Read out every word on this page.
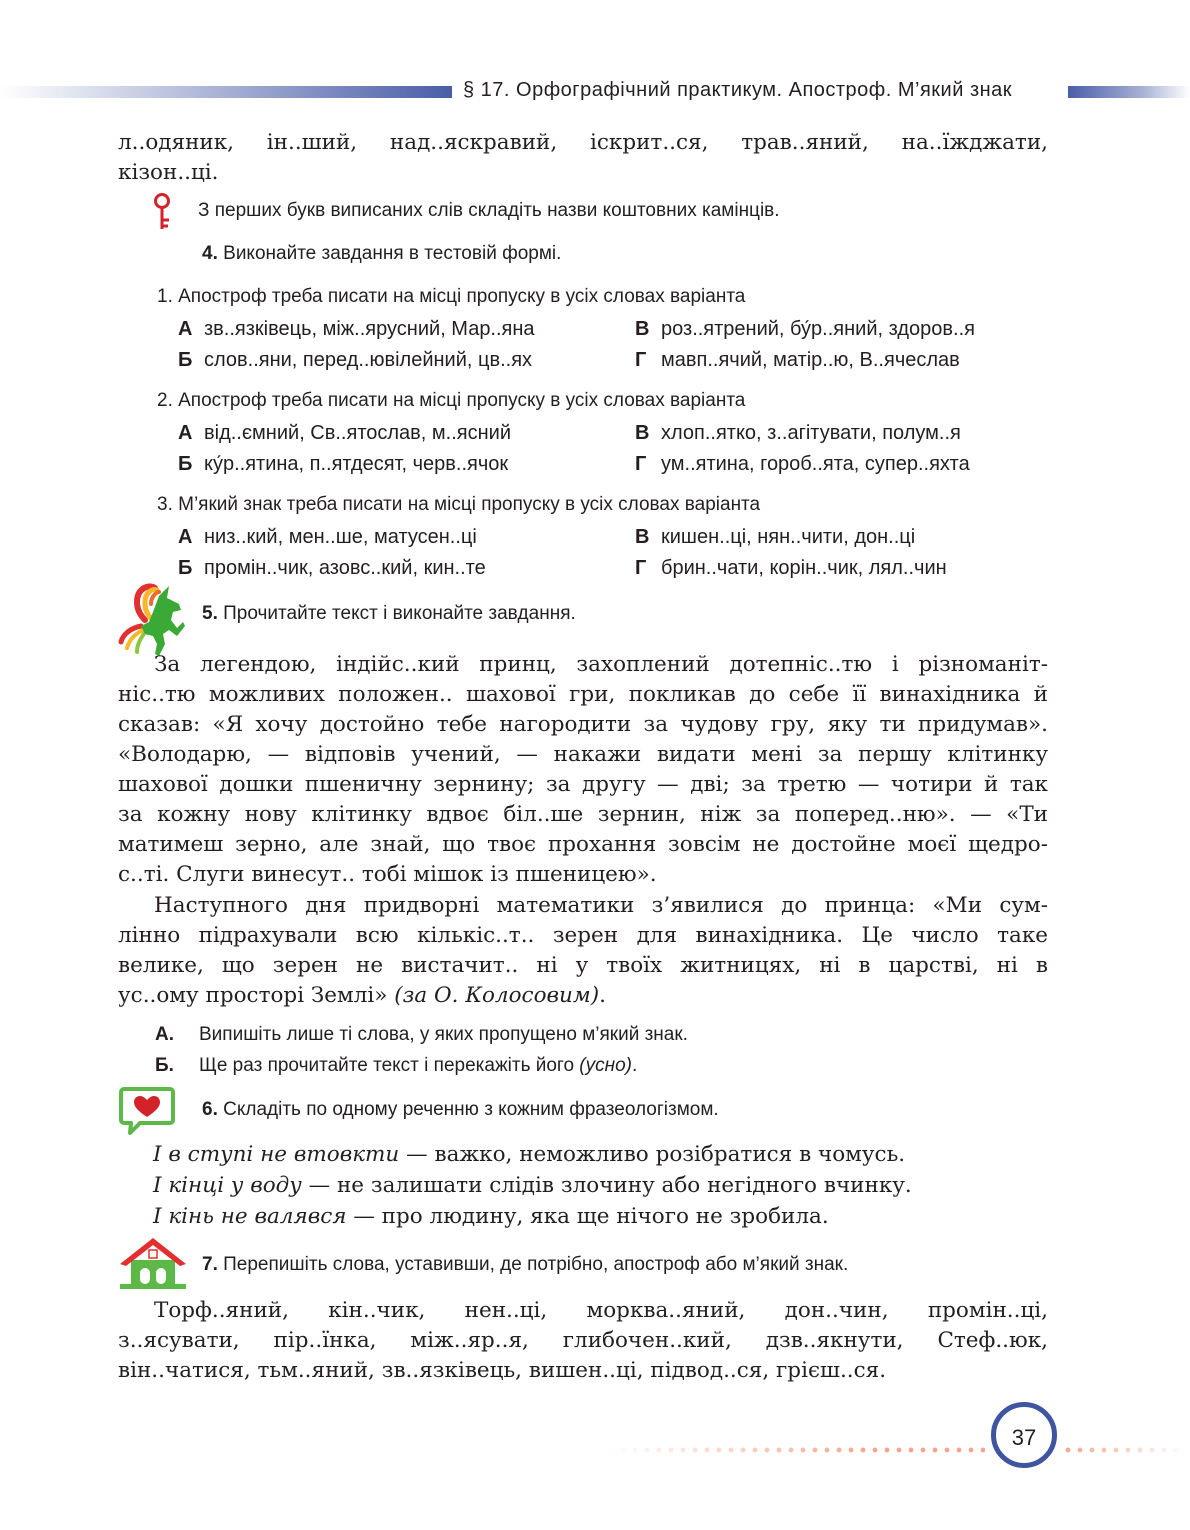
§ 17. Орфографічний практикум. Апостроф. М’який знак
л..одяник, ін..ший, над..яскравий, іскрит..ся, трав..яний, на..їжджати,
кізон..ці.
З перших букв виписаних слів складіть назви коштовних камінців.
4. Виконайте завдання в тестовій формі.
1. Апостроф треба писати на місці пропуску в усіх словах варіанта
А зв..язківець, між..ярусний, Мар..яна	В роз..ятрений, бу́р..яний, здоров..я
Б слов..яни, перед..ювілейний, цв..ях	Г мавп..ячий, матір..ю, В..ячеслав
2. Апостроф треба писати на місці пропуску в усіх словах варіанта
А від..ємний, Св..ятослав, м..ясний	В хлоп..ятко, з..агітувати, полум..я
Б ку́р..ятина, п..ятдесят, черв..ячок	Г ум..ятина, гороб..ята, супер..яхта
3. М’який знак треба писати на місці пропуску в усіх словах варіанта
А низ..кий, мен..ше, матусен..ці	В кишен..ці, нян..чити, дон..ці
Б промін..чик, азовс..кий, кин..те	Г брин..чати, корін..чик, лял..чин
5. Прочитайте текст і виконайте завдання.
За легендою, індійс..кий принц, захоплений дотепніс..тю і різноманіт-
ніс..тю можливих положен.. шахової гри, покликав до себе її винахідника й
сказав: «Я хочу достойно тебе нагородити за чудову гру, яку ти придумав».
«Володарю, — відповів учений, — накажи видати мені за першу клітинку
шахової дошки пшеничну зернину; за другу — дві; за третю — чотири й так
за кожну нову клітинку вдвоє біл..ше зернин, ніж за поперед..ню». — «Ти
матимеш зерно, але знай, що твоє прохання зовсім не достойне моєї щедро-
с..ті. Слуги винесут.. тобі мішок із пшеницею».
Наступного дня придворні математики з’явилися до принца: «Ми сум-
лінно підрахували всю кількіс..т.. зерен для винахідника. Це число таке
велике, що зерен не вистачит.. ні у твоїх житницях, ні в царстві, ні в
ус..ому просторі Землі» (за О. Колосовим).
А. Випишіть лише ті слова, у яких пропущено м’який знак.
Б. Ще раз прочитайте текст і перекажіть його (усно).
6. Складіть по одному реченню з кожним фразеологізмом.
І в ступі не втовкти — важко, неможливо розібратися в чомусь.
І кінці у воду — не залишати слідів злочину або негідного вчинку.
І кінь не валявся — про людину, яка ще нічого не зробила.
7. Перепишіть слова, уставивши, де потрібно, апостроф або м’який знак.
Торф..яний, кін..чик, нен..ці, морква..яний, дон..чин, промін..ці,
з..ясувати, пір..їнка, між..яр..я, глибочен..кий, дзв..якнути, Стеф..юк,
він..чатися, тьм..яний, зв..язківець, вишен..ці, підвод..ся, грієш..ся.
37
